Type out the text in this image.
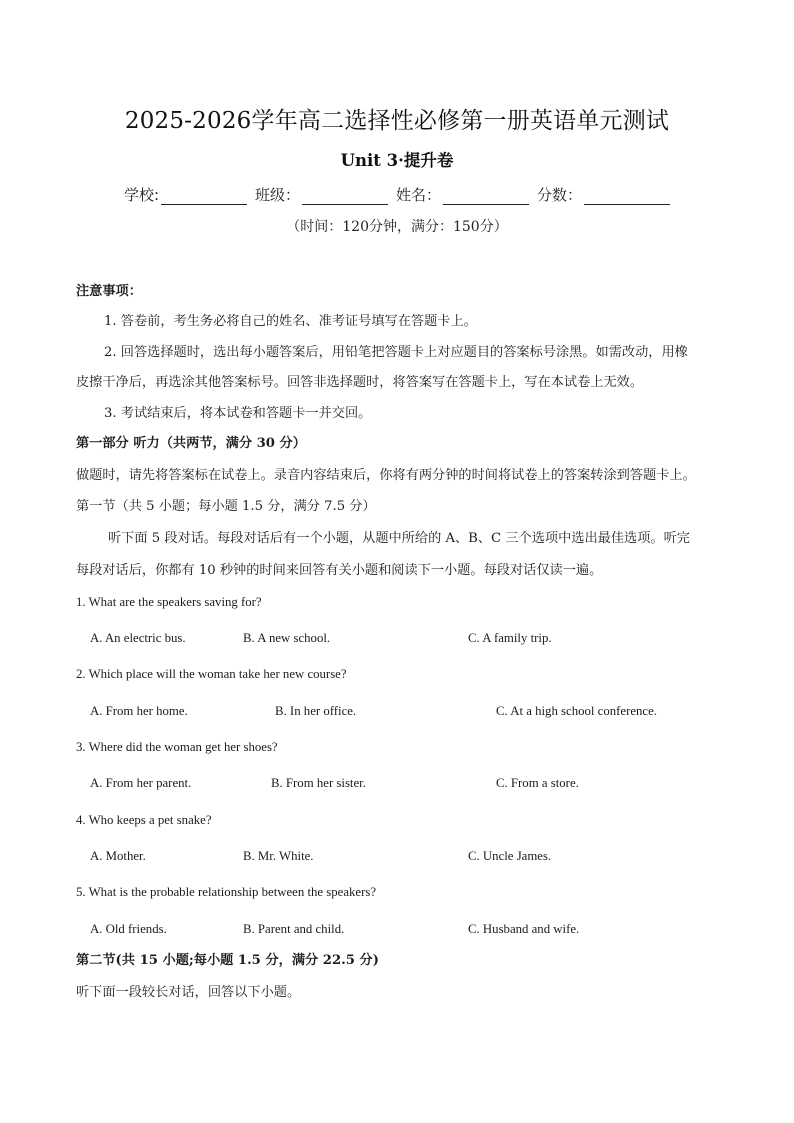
2025-2026学年高二选择性必修第一册英语单元测试
Unit 3·提升卷
学校:	班级：	姓名：	分数：
（时间：120分钟，满分：150分）
注意事项：
1. 答卷前，考生务必将自己的姓名、准考证号填写在答题卡上。
2. 回答选择题时，选出每小题答案后，用铅笔把答题卡上对应题目的答案标号涂黑。如需改动，用橡
皮擦干净后，再选涂其他答案标号。回答非选择题时，将答案写在答题卡上，写在本试卷上无效。
3. 考试结束后，将本试卷和答题卡一并交回。
第一部分 听力（共两节，满分 30 分）
做题时，请先将答案标在试卷上。录音内容结束后，你将有两分钟的时间将试卷上的答案转涂到答题卡上。
第一节（共 5 小题；每小题 1.5 分，满分 7.5 分）
听下面 5 段对话。每段对话后有一个小题，从题中所给的 A、B、C 三个选项中选出最佳选项。听完
每段对话后，你都有 10 秒钟的时间来回答有关小题和阅读下一小题。每段对话仅读一遍。
1. What are the speakers saving for?
A. An electric bus.	B. A new school.	C. A family trip.
2. Which place will the woman take her new course?
A. From her home.	B. In her office.	C. At a high school conference.
3. Where did the woman get her shoes?
A. From her parent.	B. From her sister.	C. From a store.
4. Who keeps a pet snake?
A. Mother.	B. Mr. White.	C. Uncle James.
5. What is the probable relationship between the speakers?
A. Old friends.	B. Parent and child.	C. Husband and wife.
第二节(共 15 小题;每小题 1.5 分，满分 22.5 分)
听下面一段较长对话，回答以下小题。
